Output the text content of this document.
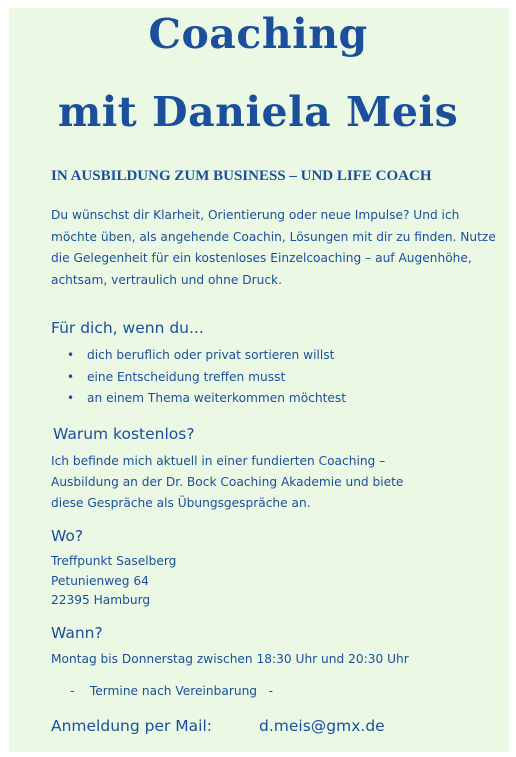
Coaching
mit Daniela Meis

IN AUSBILDUNG ZUM BUSINESS – UND LIFE COACH

Du wünschst dir Klarheit, Orientierung oder neue Impulse? Und ich
möchte üben, als angehende Coachin, Lösungen mit dir zu finden. Nutze
die Gelegenheit für ein kostenloses Einzelcoaching – auf Augenhöhe,
achtsam, vertraulich und ohne Druck.
Für dich, wenn du...
• dich beruflich oder privat sortieren willst
• eine Entscheidung treffen musst
• an einem Thema weiterkommen möchtest
Warum kostenlos?
Ich befinde mich aktuell in einer fundierten Coaching –
Ausbildung an der Dr. Bock Coaching Akademie und biete
diese Gespräche als Übungsgespräche an.
Wo?
Treffpunkt Saselberg
Petunienweg 64
22395 Hamburg
Wann?
Montag bis Donnerstag zwischen 18:30 Uhr und 20:30 Uhr
-    Termine nach Vereinbarung   -

Anmeldung per Mail:	d.meis@gmx.de
